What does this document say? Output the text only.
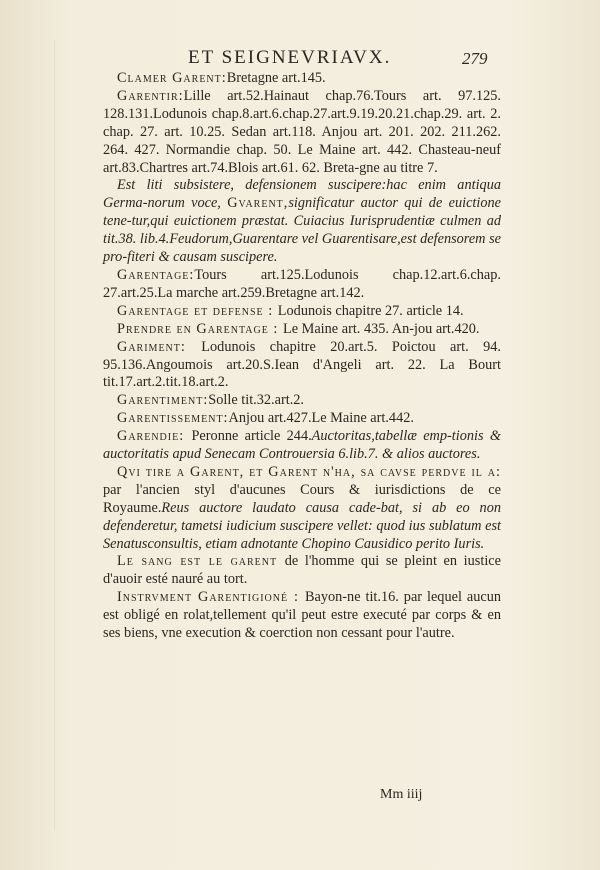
ET SEIGNEVRIAVX.	279

Clamer Garent:Bretagne art.145.

Garentir:Lille art.52.Hainaut chap.76.Tours art. 97.125. 128.131.Lodunois chap.8.art.6.chap.27.art.9.19.20.21.chap.29. art. 2. chap. 27. art. 10.25. Sedan art.118. Anjou art. 201. 202. 211.262. 264. 427. Normandie chap. 50. Le Maine art. 442. Chasteau-neuf art.83.Chartres art.74.Blois art.61. 62. Breta-gne au titre 7.

Est liti subsistere, defensionem suscipere:hac enim antiqua Germa-norum voce, Gvarent,significatur auctor qui de euictione tene-tur,qui euictionem præstat. Cuiacius Iurisprudentiæ culmen ad tit.38. lib.4.Feudorum,Guarentare vel Guarentisare,est defensorem se pro-fiteri & causam suscipere.

Garentage:Tours art.125.Lodunois chap.12.art.6.chap. 27.art.25.La marche art.259.Bretagne art.142.

Garentage et defense : Lodunois chapitre 27. article 14.

Prendre en Garentage : Le Maine art. 435. An-jou art.420.

Gariment: Lodunois chapitre 20.art.5. Poictou art. 94. 95.136.Angoumois art.20.S.Iean d'Angeli art. 22. La Bourt tit.17.art.2.tit.18.art.2.

Garentiment:Solle tit.32.art.2.

Garentissement:Anjou art.427.Le Maine art.442.

Garendie: Peronne article 244.Auctoritas,tabellæ emp-tionis & auctoritatis apud Senecam Controuersia 6.lib.7. & alios auctores.

Qvi tire a Garent, et Garent n'ha, sa cavse perdve il a: par l'ancien styl d'aucunes Cours & iurisdictions de ce Royaume.Reus auctore laudato causa cade-bat, si ab eo non defenderetur, tametsi iudicium suscipere vellet: quod ius sublatum est Senatusconsultis, etiam adnotante Chopino Causidico perito Iuris.

Le sang est le garent de l'homme qui se pleint en iustice d'auoir esté nauré au tort.

Instrvment Garentigioné : Bayon-ne tit.16. par lequel aucun est obligé en rolat,tellement qu'il peut estre executé par corps & en ses biens, vne execution & coerction non cessant pour l'autre.

Mm iiij
